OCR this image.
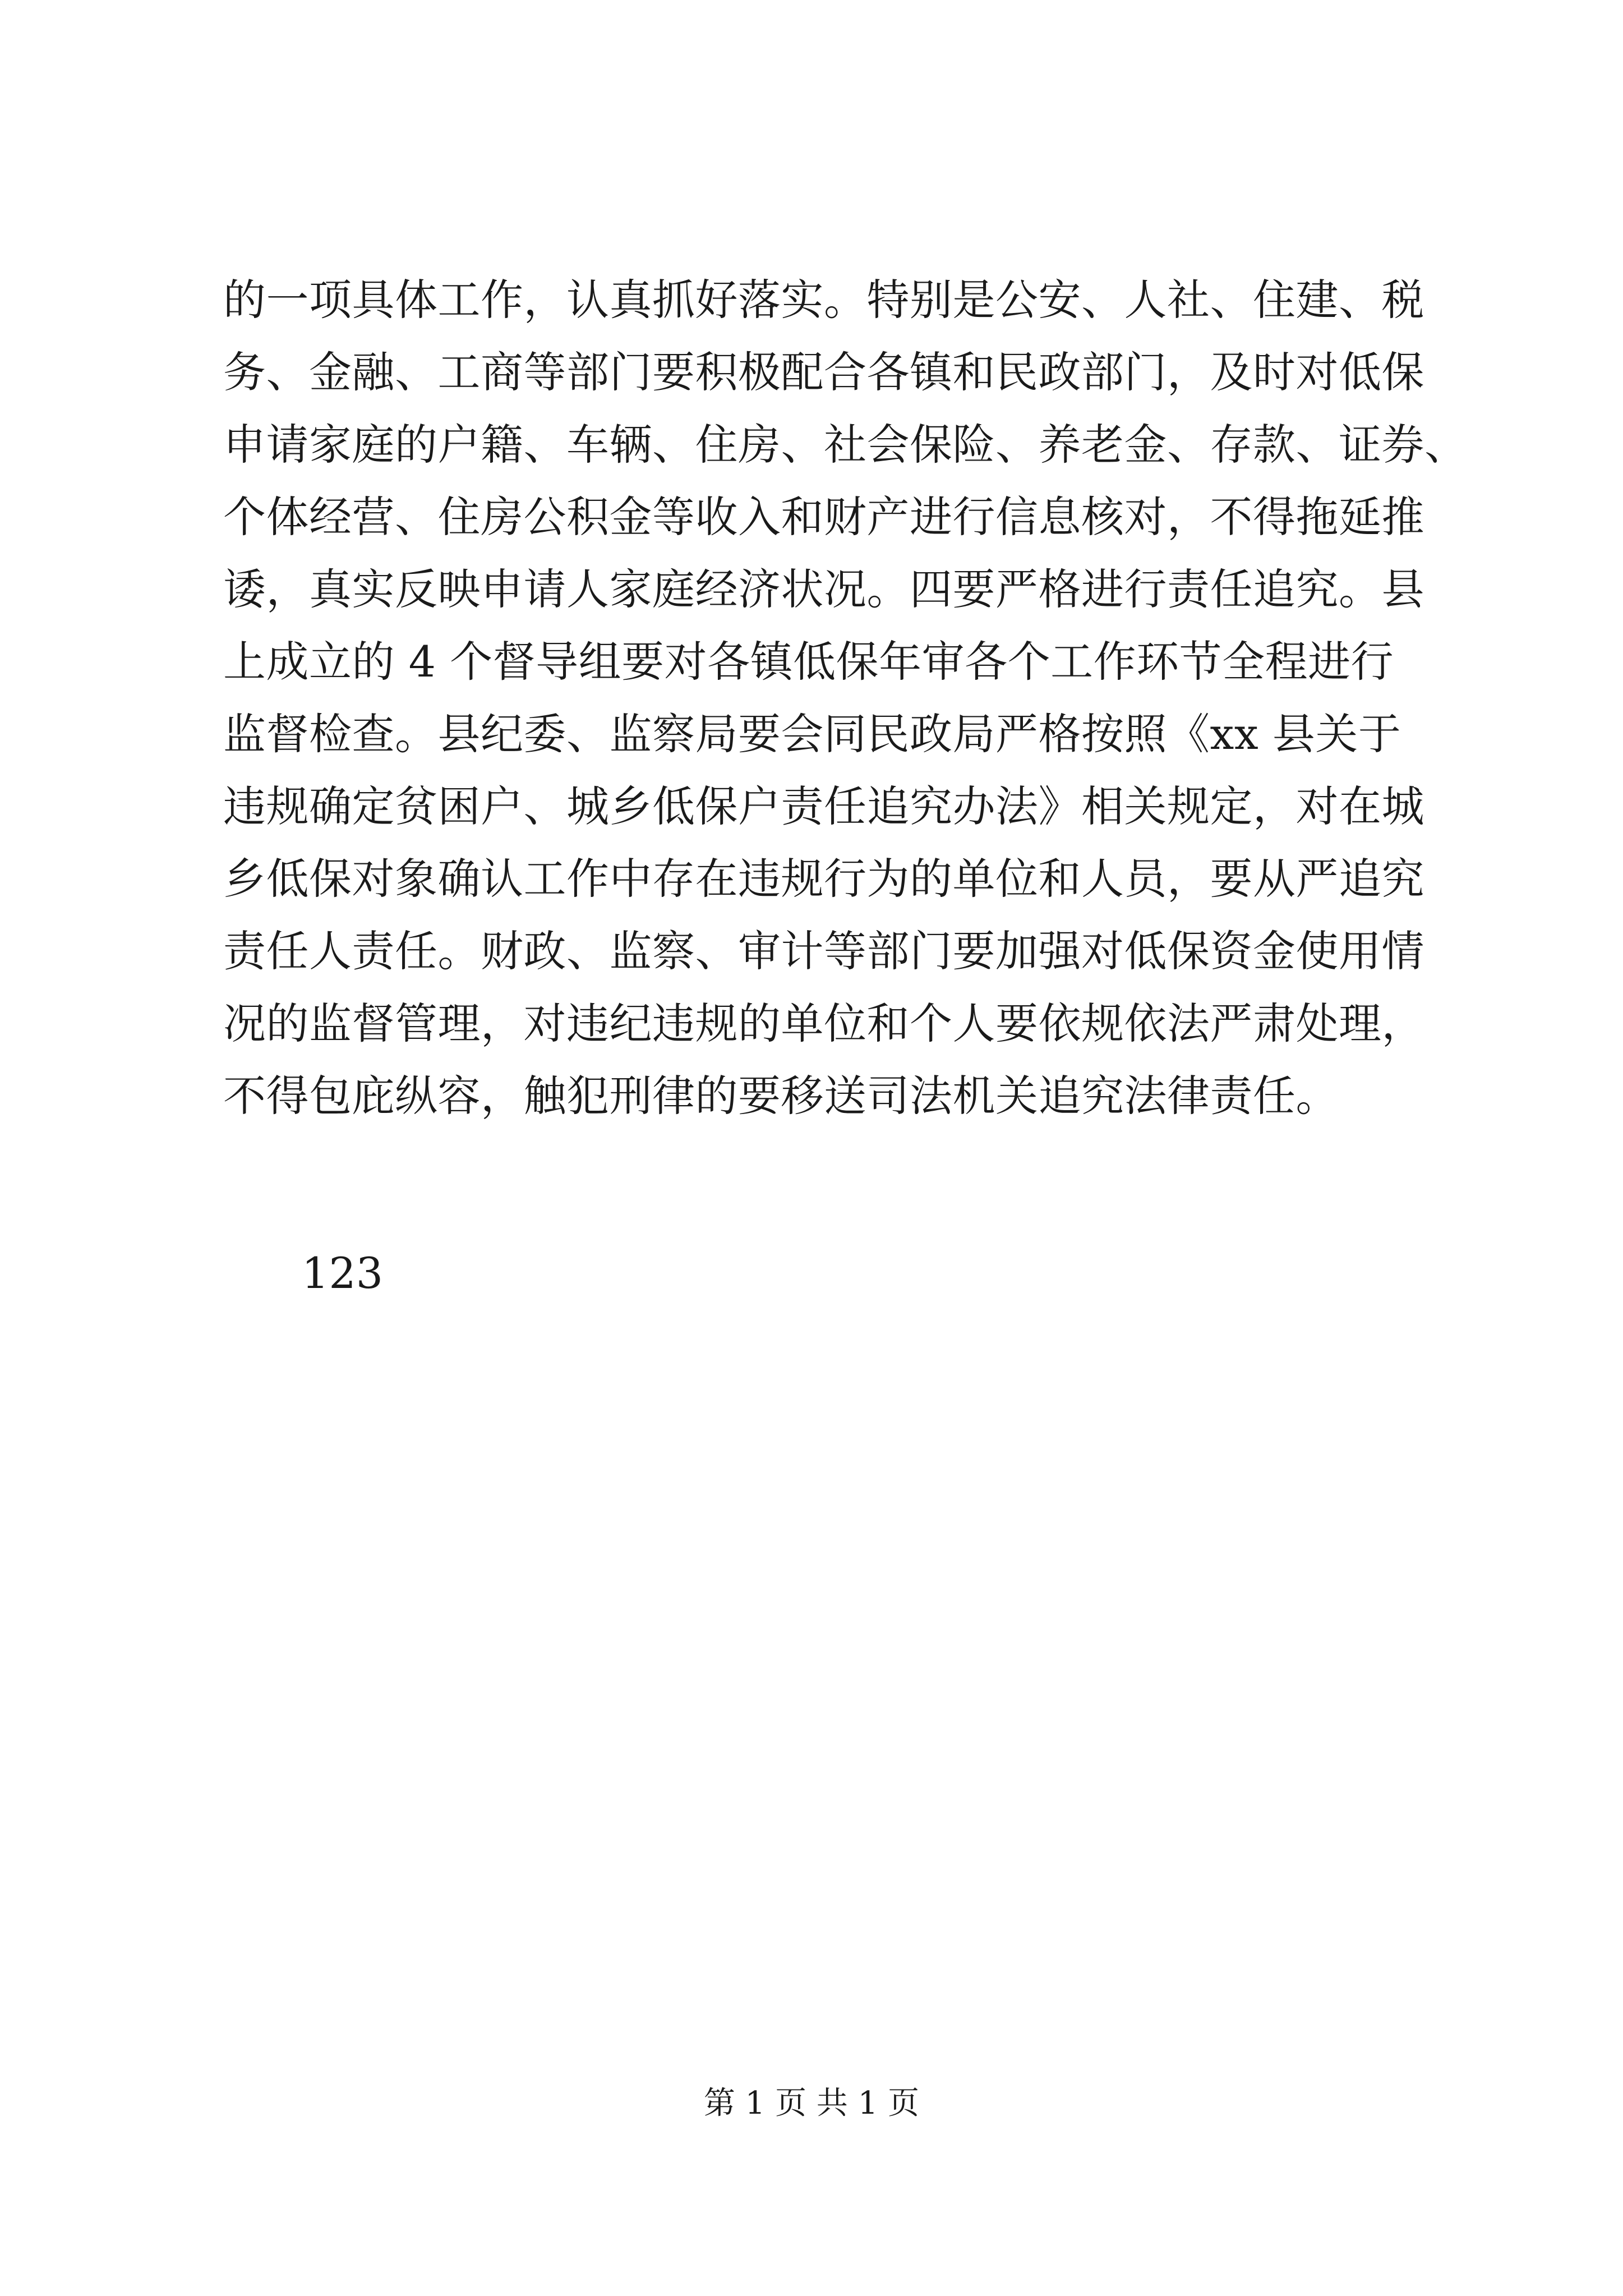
的一项具体工作，认真抓好落实。特别是公安、人社、住建、税
务、金融、工商等部门要积极配合各镇和民政部门，及时对低保
申请家庭的户籍、车辆、住房、社会保险、养老金、存款、证券、
个体经营、住房公积金等收入和财产进行信息核对，不得拖延推
诿，真实反映申请人家庭经济状况。四要严格进行责任追究。县
上成立的 4 个督导组要对各镇低保年审各个工作环节全程进行
监督检查。县纪委、监察局要会同民政局严格按照《xx 县关于
违规确定贫困户、城乡低保户责任追究办法》相关规定，对在城
乡低保对象确认工作中存在违规行为的单位和人员，要从严追究
责任人责任。财政、监察、审计等部门要加强对低保资金使用情
况的监督管理，对违纪违规的单位和个人要依规依法严肃处理，
不得包庇纵容，触犯刑律的要移送司法机关追究法律责任。
123
第 1 页 共 1 页
